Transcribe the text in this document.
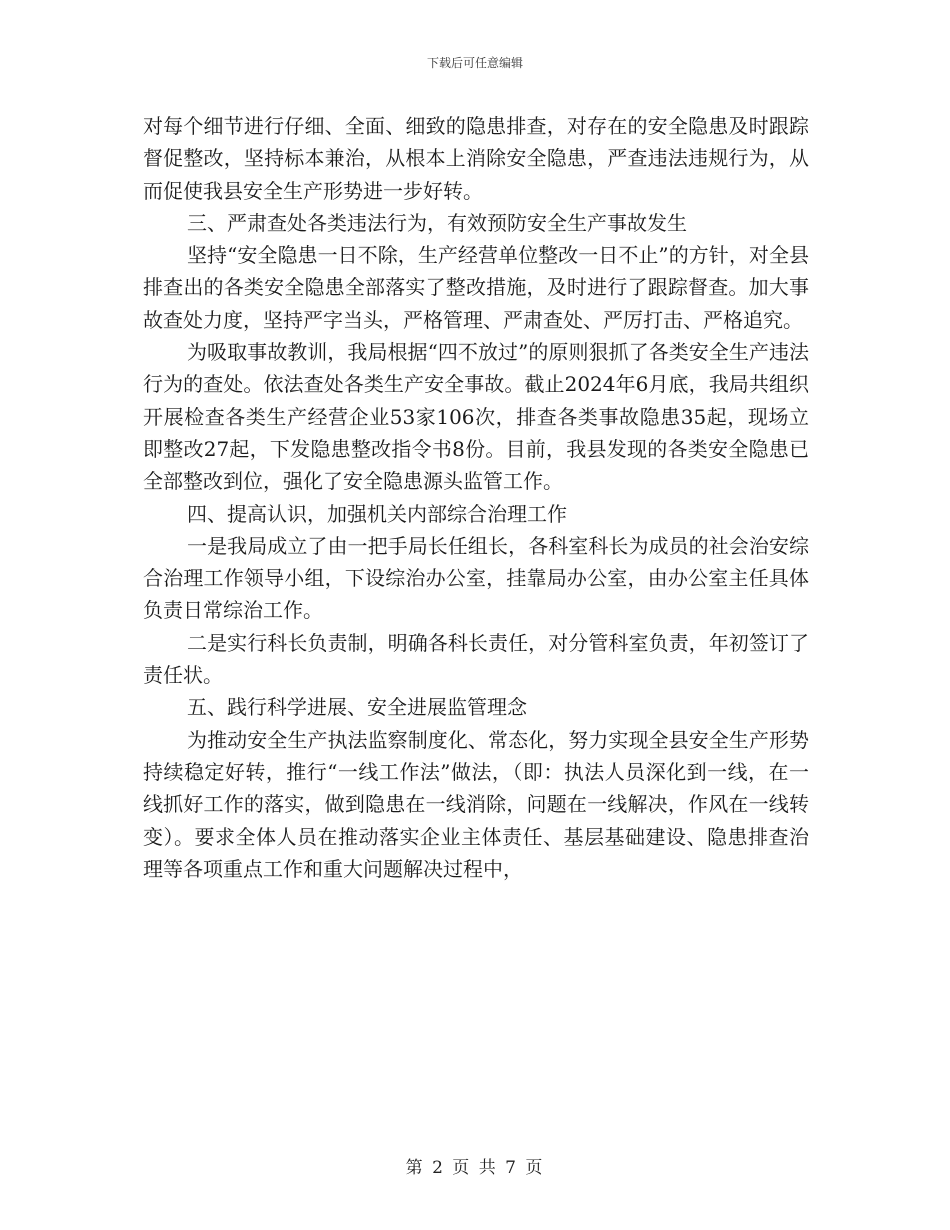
下载后可任意编辑

对每个细节进行仔细、全面、细致的隐患排查，对存在的安全隐患及时跟踪督促整改，坚持标本兼治，从根本上消除安全隐患，严查违法违规行为，从而促使我县安全生产形势进一步好转。

三、严肃查处各类违法行为，有效预防安全生产事故发生

坚持“安全隐患一日不除，生产经营单位整改一日不止”的方针，对全县排查出的各类安全隐患全部落实了整改措施，及时进行了跟踪督查。加大事故查处力度，坚持严字当头，严格管理、严肃查处、严厉打击、严格追究。

为吸取事故教训，我局根据“四不放过”的原则狠抓了各类安全生产违法行为的查处。依法查处各类生产安全事故。截止2024年6月底，我局共组织开展检查各类生产经营企业53家106次，排查各类事故隐患35起，现场立即整改27起，下发隐患整改指令书8份。目前，我县发现的各类安全隐患已全部整改到位，强化了安全隐患源头监管工作。

四、提高认识，加强机关内部综合治理工作

一是我局成立了由一把手局长任组长，各科室科长为成员的社会治安综合治理工作领导小组，下设综治办公室，挂靠局办公室，由办公室主任具体负责日常综治工作。

二是实行科长负责制，明确各科长责任，对分管科室负责，年初签订了责任状。

五、践行科学进展、安全进展监管理念

为推动安全生产执法监察制度化、常态化，努力实现全县安全生产形势持续稳定好转，推行“一线工作法”做法，（即：执法人员深化到一线，在一线抓好工作的落实，做到隐患在一线消除，问题在一线解决，作风在一线转变）。要求全体人员在推动落实企业主体责任、基层基础建设、隐患排查治理等各项重点工作和重大问题解决过程中，

第 2 页 共 7 页
